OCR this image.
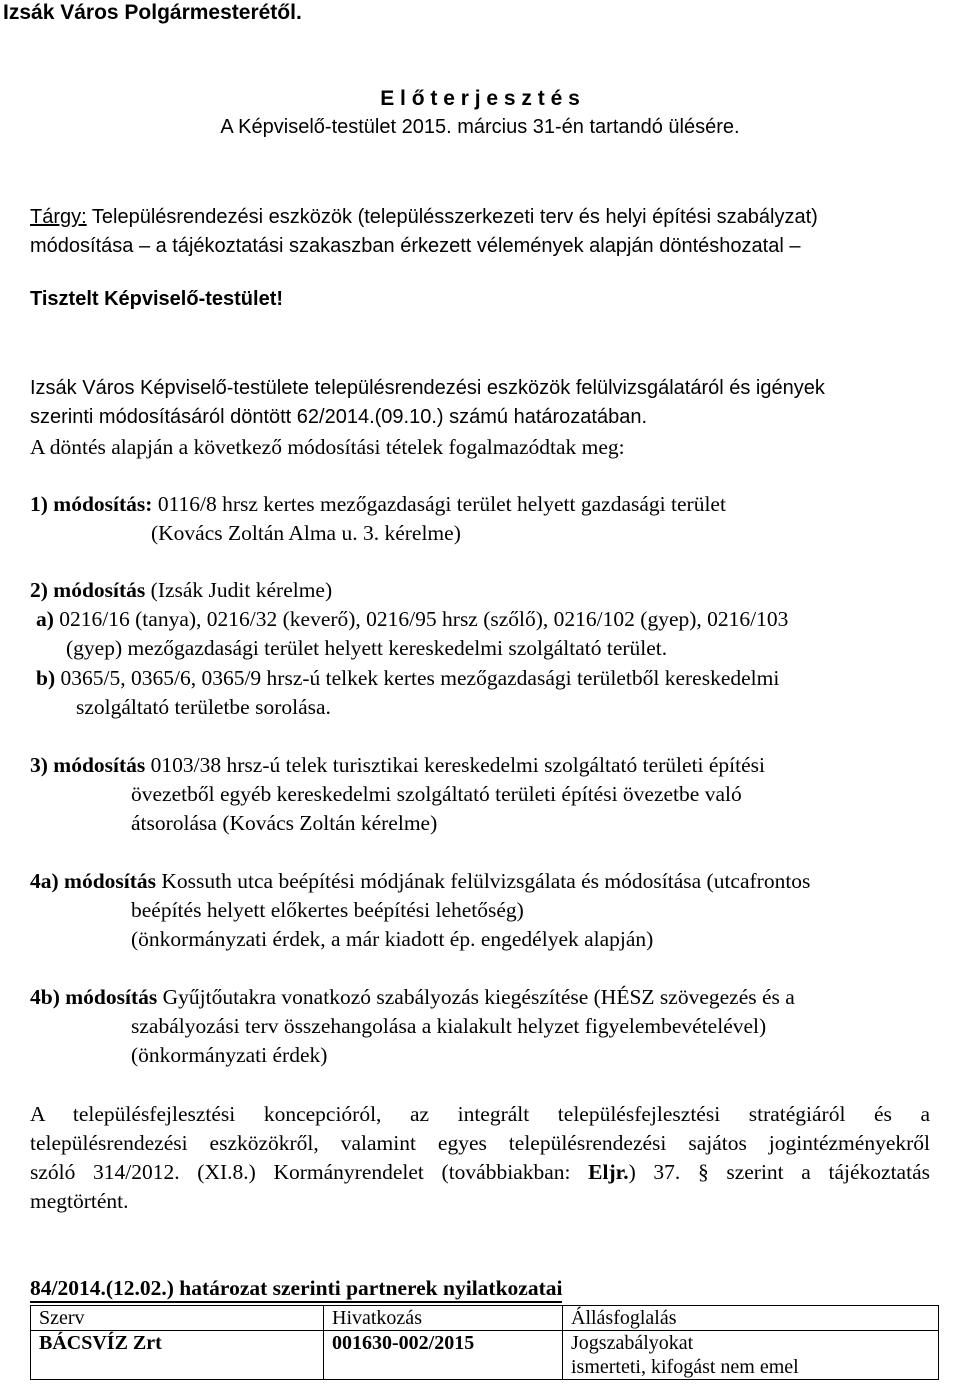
Izsák Város Polgármesterétől.
E l ő t e r j e s z t é s
A Képviselő-testület 2015. március 31-én tartandó ülésére.
Tárgy: Településrendezési eszközök (településszerkezeti terv és helyi építési szabályzat)
módosítása – a tájékoztatási szakaszban érkezett vélemények alapján döntéshozatal –
Tisztelt Képviselő-testület!
Izsák Város Képviselő-testülete településrendezési eszközök felülvizsgálatáról és igények
szerinti módosításáról döntött 62/2014.(09.10.) számú határozatában.
A döntés alapján a következő módosítási tételek fogalmazódtak meg:
1) módosítás: 0116/8 hrsz kertes mezőgazdasági terület helyett gazdasági terület
(Kovács Zoltán Alma u. 3. kérelme)
2) módosítás (Izsák Judit kérelme)
a) 0216/16 (tanya), 0216/32 (keverő), 0216/95 hrsz (szőlő), 0216/102 (gyep), 0216/103
(gyep) mezőgazdasági terület helyett kereskedelmi szolgáltató terület.
b) 0365/5, 0365/6, 0365/9 hrsz-ú telkek kertes mezőgazdasági területből kereskedelmi
szolgáltató területbe sorolása.
3) módosítás 0103/38 hrsz-ú telek turisztikai kereskedelmi szolgáltató területi építési
övezetből egyéb kereskedelmi szolgáltató területi építési övezetbe való
átsorolása (Kovács Zoltán kérelme)
4a) módosítás Kossuth utca beépítési módjának felülvizsgálata és módosítása (utcafrontos
beépítés helyett előkertes beépítési lehetőség)
(önkormányzati érdek, a már kiadott ép. engedélyek alapján)
4b) módosítás Gyűjtőutakra vonatkozó szabályozás kiegészítése (HÉSZ szövegezés és a
szabályozási terv összehangolása a kialakult helyzet figyelembevételével)
(önkormányzati érdek)
A településfejlesztési koncepcióról, az integrált településfejlesztési stratégiáról és a
településrendezési eszközökről, valamint egyes településrendezési sajátos jogintézményekről
szóló 314/2012. (XI.8.) Kormányrendelet (továbbiakban: Eljr.) 37. § szerint a tájékoztatás
megtörtént.
84/2014.(12.02.) határozat szerinti partnerek nyilatkozatai
Szerv	Hivatkozás	Állásfoglalás
BÁCSVÍZ Zrt	001630-002/2015	Jogszabályokat
ismerteti, kifogást nem emel
